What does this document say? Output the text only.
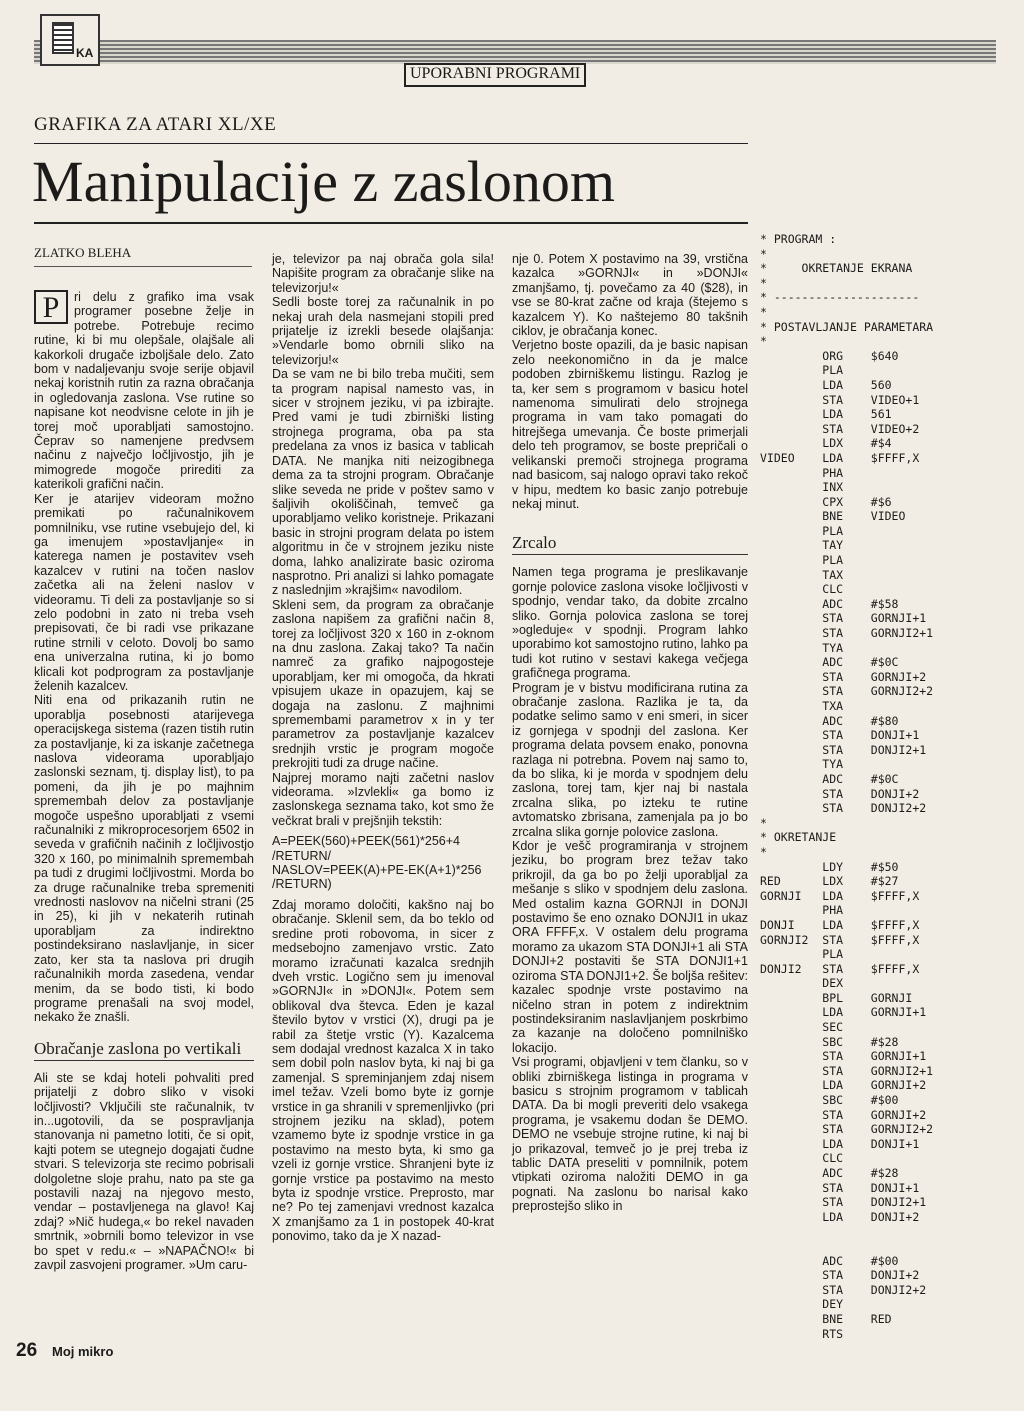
KA
UPORABNI PROGRAMI
GRAFIKA ZA ATARI XL/XE
Manipulacije z zaslonom
ZLATKO BLEHA
P	ri delu z grafiko ima vsak programer posebne želje in potrebe. Potrebuje recimo rutine, ki bi mu olepšale, olajšale ali kakorkoli drugače izboljšale delo. Zato bom v nadaljevanju svoje serije objavil nekaj koristnih rutin za razna obračanja in ogledovanja zaslona. Vse rutine so napisane kot neodvisne celote in jih je torej moč uporabljati samostojno. Čeprav so namenjene predvsem načinu z največjo ločljivostjo, jih je mimogrede mogoče prirediti za katerikoli grafični način.

Ker je atarijev videoram možno premikati po računalnikovem pomnilniku, vse rutine vsebujejo del, ki ga imenujem »postavljanje« in katerega namen je postavitev vseh kazalcev v rutini na točen naslov začetka ali na želeni naslov v videoramu. Ti deli za postavljanje so si zelo podobni in zato ni treba vseh prepisovati, če bi radi vse prikazane rutine strnili v celoto. Dovolj bo samo ena univerzalna rutina, ki jo bomo klicali kot podprogram za postavljanje želenih kazalcev.

Niti ena od prikazanih rutin ne uporablja posebnosti atarijevega operacijskega sistema (razen tistih rutin za postavljanje, ki za iskanje začetnega naslova videorama uporabljajo zaslonski seznam, tj. display list), to pa pomeni, da jih je po majhnim spremembah delov za postavljanje mogoče uspešno uporabljati z vsemi računalniki z mikroprocesorjem 6502 in seveda v grafičnih načinih z ločljivostjo 320 x 160, po minimalnih spremembah pa tudi z drugimi ločljivostmi. Morda bo za druge računalnike treba spremeniti vrednosti naslovov na ničelni strani (25 in 25), ki jih v nekaterih rutinah uporabljam za indirektno postindeksirano naslavljanje, in sicer zato, ker sta ta naslova pri drugih računalnikih morda zasedena, vendar menim, da se bodo tisti, ki bodo programe prenašali na svoj model, nekako že znašli.

Obračanje zaslona po vertikali

Ali ste se kdaj hoteli pohvaliti pred prijatelji z dobro sliko v visoki ločljivosti? Vključili ste računalnik, tv in...ugotovili, da se pospravljanja stanovanja ni pametno lotiti, če si opit, kajti potem se utegnejo dogajati čudne stvari. S televizorja ste recimo pobrisali dolgoletne sloje prahu, nato pa ste ga postavili nazaj na njegovo mesto, vendar – postavljenega na glavo! Kaj zdaj? »Nič hudega,« bo rekel navaden smrtnik, »obrnili bomo televizor in vse bo spet v redu.« – »NAPAČNO!« bi zavpil zasvojeni programer. »Um caru-

je, televizor pa naj obrača gola sila! Napišite program za obračanje slike na televizorju!«

Sedli boste torej za računalnik in po nekaj urah dela nasmejani stopili pred prijatelje iz izrekli besede olajšanja: »Vendarle bomo obrnili sliko na televizorju!«

Da se vam ne bi bilo treba mučiti, sem ta program napisal namesto vas, in sicer v strojnem jeziku, vi pa izbirajte. Pred vami je tudi zbirniški listing strojnega programa, oba pa sta predelana za vnos iz basica v tablicah DATA. Ne manjka niti neizogibnega dema za ta strojni program. Obračanje slike seveda ne pride v poštev samo v šaljivih okoliščinah, temveč ga uporabljamo veliko koristneje. Prikazani basic in strojni program delata po istem algoritmu in če v strojnem jeziku niste doma, lahko analizirate basic oziroma nasprotno. Pri analizi si lahko pomagate z naslednjim »krajšim« navodilom.

Skleni sem, da program za obračanje zaslona napišem za grafični način 8, torej za ločljivost 320 x 160 in z-oknom na dnu zaslona. Zakaj tako? Ta način namreč za grafiko najpogosteje uporabljam, ker mi omogoča, da hkrati vpisujem ukaze in opazujem, kaj se dogaja na zaslonu. Z majhnimi spremembami parametrov x in y ter parametrov za postavljanje kazalcev srednjih vrstic je program mogoče prekrojiti tudi za druge načine.

Najprej moramo najti začetni naslov videorama. »Izvlekli« ga bomo iz zaslonskega seznama tako, kot smo že večkrat brali v prejšnjih tekstih:

A=PEEK(560)+PEEK(561)*256+4 /RETURN/
NASLOV=PEEK(A)+PE-EK(A+1)*256 /RETURN)

Zdaj moramo določiti, kakšno naj bo obračanje. Sklenil sem, da bo teklo od sredine proti robovoma, in sicer z medsebojno zamenjavo vrstic. Zato moramo izračunati kazalca srednjih dveh vrstic. Logično sem ju imenoval »GORNJI« in »DONJI«. Potem sem oblikoval dva števca. Eden je kazal število bytov v vrstici (X), drugi pa je rabil za štetje vrstic (Y). Kazalcema sem dodajal vrednost kazalca X in tako sem dobil poln naslov byta, ki naj bi ga zamenjal. S spreminjanjem zdaj nisem imel težav. Vzeli bomo byte iz gornje vrstice in ga shranili v spremenljivko (pri strojnem jeziku na sklad), potem vzamemo byte iz spodnje vrstice in ga postavimo na mesto byta, ki smo ga vzeli iz gornje vrstice. Shranjeni byte iz gornje vrstice pa postavimo na mesto byta iz spodnje vrstice. Preprosto, mar ne? Po tej zamenjavi vrednost kazalca X zmanjšamo za 1 in postopek 40-krat ponovimo, tako da je X nazad-

nje 0. Potem X postavimo na 39, vrstična kazalca »GORNJI« in »DONJI« zmanjšamo, tj. povečamo za 40 ($28), in vse se 80-krat začne od kraja (štejemo s kazalcem Y). Ko naštejemo 80 takšnih ciklov, je obračanja konec.

Verjetno boste opazili, da je basic napisan zelo neekonomično in da je malce podoben zbirniškemu listingu. Razlog je ta, ker sem s programom v basicu hotel namenoma simulirati delo strojnega programa in vam tako pomagati do hitrejšega umevanja. Če boste primerjali delo teh programov, se boste prepričali o velikanski premoči strojnega programa nad basicom, saj nalogo opravi tako rekoč v hipu, medtem ko basic zanjo potrebuje nekaj minut.

Zrcalo

Namen tega programa je preslikavanje gornje polovice zaslona visoke ločljivosti v spodnjo, vendar tako, da dobite zrcalno sliko. Gornja polovica zaslona se torej »ogleduje« v spodnji. Program lahko uporabimo kot samostojno rutino, lahko pa tudi kot rutino v sestavi kakega večjega grafičnega programa.

Program je v bistvu modificirana rutina za obračanje zaslona. Razlika je ta, da podatke selimo samo v eni smeri, in sicer iz gornjega v spodnji del zaslona. Ker programa delata povsem enako, ponovna razlaga ni potrebna. Povem naj samo to, da bo slika, ki je morda v spodnjem delu zaslona, torej tam, kjer naj bi nastala zrcalna slika, po izteku te rutine avtomatsko zbrisana, zamenjala pa jo bo zrcalna slika gornje polovice zaslona.

Kdor je vešč programiranja v strojnem jeziku, bo program brez težav tako prikrojil, da ga bo po želji uporabljal za mešanje s sliko v spodnjem delu zaslona. Med ostalim kazna GORNJI in DONJI postavimo še eno oznako DONJI1 in ukaz ORA FFFF,x. V ostalem delu programa moramo za ukazom STA DONJI+1 ali STA DONJI+2 postaviti še STA DONJI1+1 oziroma STA DONJI1+2. Še boljša rešitev: kazalec spodnje vrste postavimo na ničelno stran in potem z indirektnim postindeksiranim naslavljanjem poskrbimo za kazanje na določeno pomnilniško lokacijo.

Vsi programi, objavljeni v tem članku, so v obliki zbirniškega listinga in programa v basicu s strojnim programom v tablicah DATA. Da bi mogli preveriti delo vsakega programa, je vsakemu dodan še DEMO. DEMO ne vsebuje strojne rutine, ki naj bi jo prikazoval, temveč jo je prej treba iz tablic DATA preseliti v pomnilnik, potem vtipkati oziroma naložiti DEMO in ga pognati. Na zaslonu bo narisal kako preprostejšo sliko in

* PROGRAM :
*
*     OKRETANJE EKRANA
*
* ---------------------
*
* POSTAVLJANJE PARAMETARA
*
ORG    $640
PLA
LDA    560
STA    VIDEO+1
LDA    561
STA    VIDEO+2
LDX    #$4
VIDEO    LDA    $FFFF,X
PHA
INX
CPX    #$6
BNE    VIDEO
PLA
TAY
PLA
TAX
CLC
ADC    #$58
STA    GORNJI+1
STA    GORNJI2+1
TYA
ADC    #$0C
STA    GORNJI+2
STA    GORNJI2+2
TXA
ADC    #$80
STA    DONJI+1
STA    DONJI2+1
TYA
ADC    #$0C
STA    DONJI+2
STA    DONJI2+2
*
* OKRETANJE
*
LDY    #$50
RED      LDX    #$27
GORNJI   LDA    $FFFF,X
PHA
DONJI    LDA    $FFFF,X
GORNJI2  STA    $FFFF,X
PLA
DONJI2   STA    $FFFF,X
DEX
BPL    GORNJI
LDA    GORNJI+1
SEC
SBC    #$28
STA    GORNJI+1
STA    GORNJI2+1
LDA    GORNJI+2
SBC    #$00
STA    GORNJI+2
STA    GORNJI2+2
LDA    DONJI+1
CLC
ADC    #$28
STA    DONJI+1
STA    DONJI2+1
LDA    DONJI+2

ADC    #$00
STA    DONJI+2
STA    DONJI2+2
DEY
BNE    RED
RTS
26 Moj mikro
